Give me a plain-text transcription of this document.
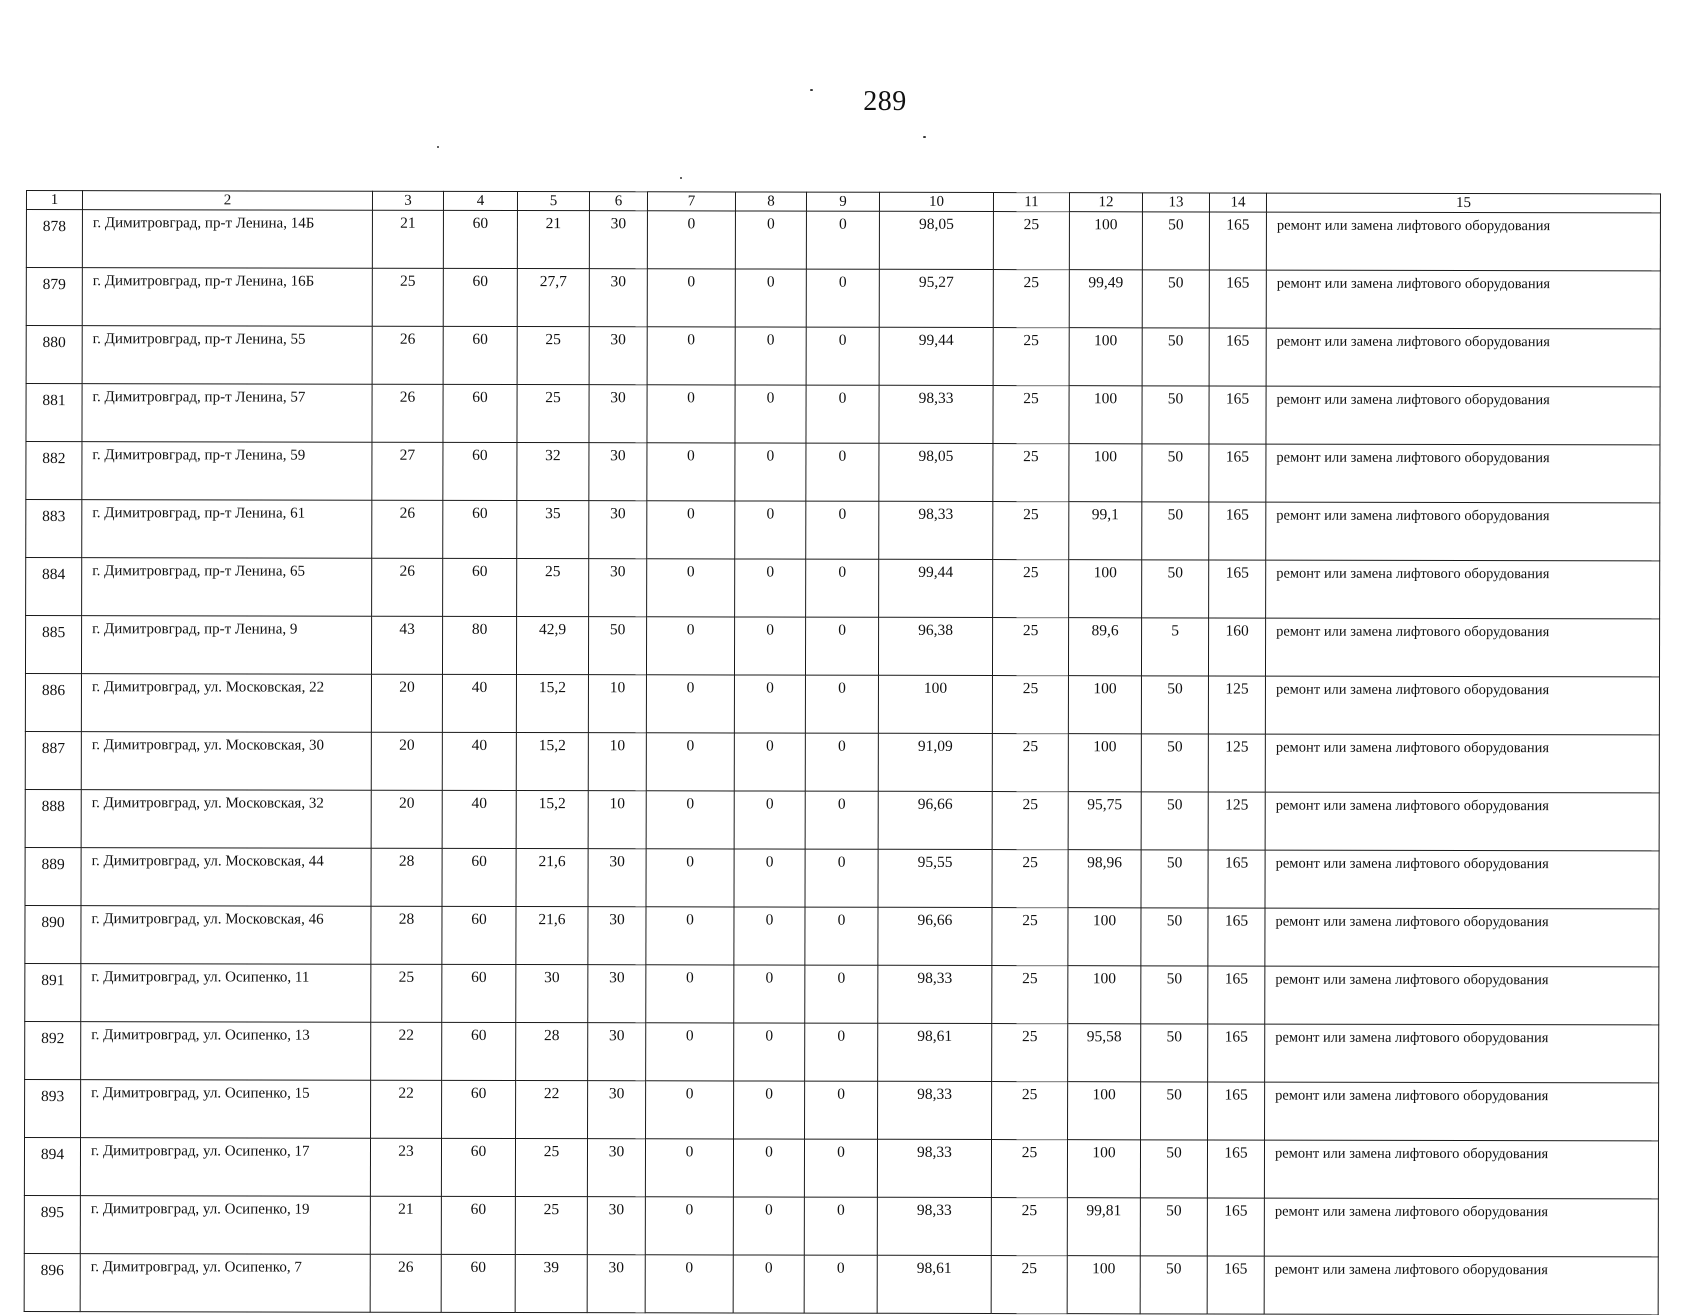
289
1	2	3	4	5	6	7	8	9	10	11	12	13	14	15
878	г. Димитровград, пр-т Ленина, 14Б	21	60	21	30	0	0	0	98,05	25	100	50	165	ремонт или замена лифтового оборудования
879	г. Димитровград, пр-т Ленина, 16Б	25	60	27,7	30	0	0	0	95,27	25	99,49	50	165	ремонт или замена лифтового оборудования
880	г. Димитровград, пр-т Ленина, 55	26	60	25	30	0	0	0	99,44	25	100	50	165	ремонт или замена лифтового оборудования
881	г. Димитровград, пр-т Ленина, 57	26	60	25	30	0	0	0	98,33	25	100	50	165	ремонт или замена лифтового оборудования
882	г. Димитровград, пр-т Ленина, 59	27	60	32	30	0	0	0	98,05	25	100	50	165	ремонт или замена лифтового оборудования
883	г. Димитровград, пр-т Ленина, 61	26	60	35	30	0	0	0	98,33	25	99,1	50	165	ремонт или замена лифтового оборудования
884	г. Димитровград, пр-т Ленина, 65	26	60	25	30	0	0	0	99,44	25	100	50	165	ремонт или замена лифтового оборудования
885	г. Димитровград, пр-т Ленина, 9	43	80	42,9	50	0	0	0	96,38	25	89,6	5	160	ремонт или замена лифтового оборудования
886	г. Димитровград, ул. Московская, 22	20	40	15,2	10	0	0	0	100	25	100	50	125	ремонт или замена лифтового оборудования
887	г. Димитровград, ул. Московская, 30	20	40	15,2	10	0	0	0	91,09	25	100	50	125	ремонт или замена лифтового оборудования
888	г. Димитровград, ул. Московская, 32	20	40	15,2	10	0	0	0	96,66	25	95,75	50	125	ремонт или замена лифтового оборудования
889	г. Димитровград, ул. Московская, 44	28	60	21,6	30	0	0	0	95,55	25	98,96	50	165	ремонт или замена лифтового оборудования
890	г. Димитровград, ул. Московская, 46	28	60	21,6	30	0	0	0	96,66	25	100	50	165	ремонт или замена лифтового оборудования
891	г. Димитровград, ул. Осипенко, 11	25	60	30	30	0	0	0	98,33	25	100	50	165	ремонт или замена лифтового оборудования
892	г. Димитровград, ул. Осипенко, 13	22	60	28	30	0	0	0	98,61	25	95,58	50	165	ремонт или замена лифтового оборудования
893	г. Димитровград, ул. Осипенко, 15	22	60	22	30	0	0	0	98,33	25	100	50	165	ремонт или замена лифтового оборудования
894	г. Димитровград, ул. Осипенко, 17	23	60	25	30	0	0	0	98,33	25	100	50	165	ремонт или замена лифтового оборудования
895	г. Димитровград, ул. Осипенко, 19	21	60	25	30	0	0	0	98,33	25	99,81	50	165	ремонт или замена лифтового оборудования
896	г. Димитровград, ул. Осипенко, 7	26	60	39	30	0	0	0	98,61	25	100	50	165	ремонт или замена лифтового оборудования
